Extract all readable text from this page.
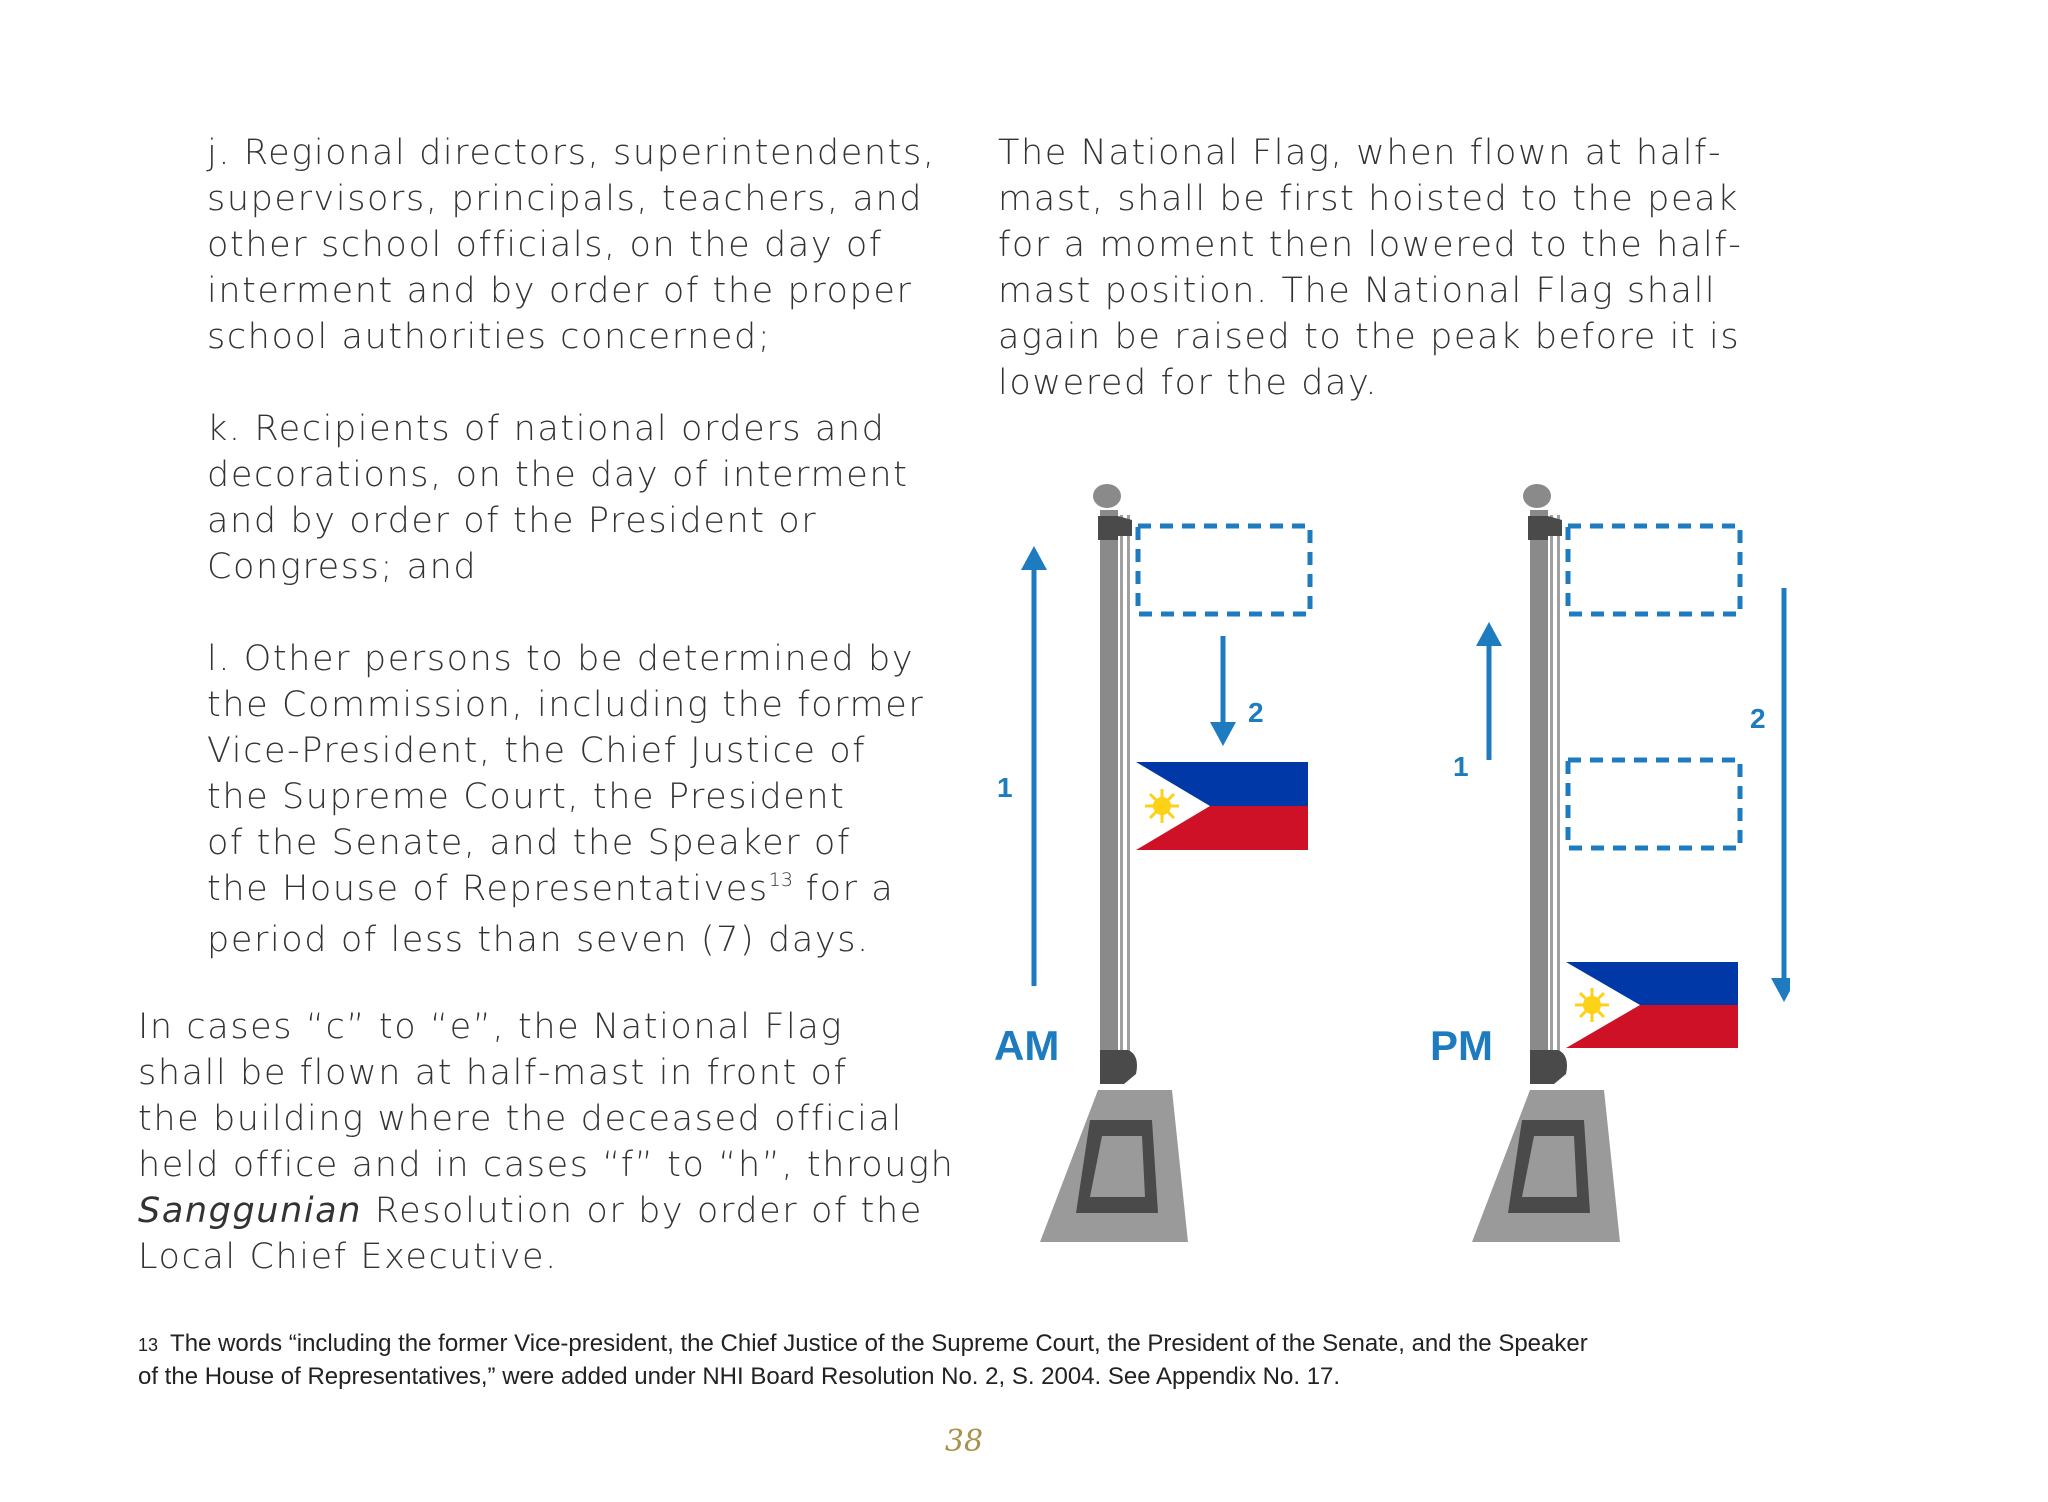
j. Regional directors, superintendents,
supervisors, principals, teachers, and
other school officials, on the day of
interment and by order of the proper
school authorities concerned;
k. Recipients of national orders and
decorations, on the day of interment
and by order of the President or
Congress; and
l. Other persons to be determined by
the Commission, including the former
Vice-President, the Chief Justice of
the Supreme Court, the President
of the Senate, and the Speaker of
the House of Representatives$^{13}$ for a
period of less than seven (7) days.
In cases “c” to “e”, the National Flag
shall be flown at half-mast in front of
the building where the deceased official
held office and in cases “f” to “h”, through
Sanggunian Resolution or by order of the
Local Chief Executive.
The National Flag, when flown at half-
mast, shall be first hoisted to the peak
for a moment then lowered to the half-
mast position. The National Flag shall
again be raised to the peak before it is
lowered for the day.
1
2
AM
1
2
PM
13 The words “including the former Vice-president, the Chief Justice of the Supreme Court, the President of the Senate, and the Speaker
of the House of Representatives,” were added under NHI Board Resolution No. 2, S. 2004. See Appendix No. 17.
38
